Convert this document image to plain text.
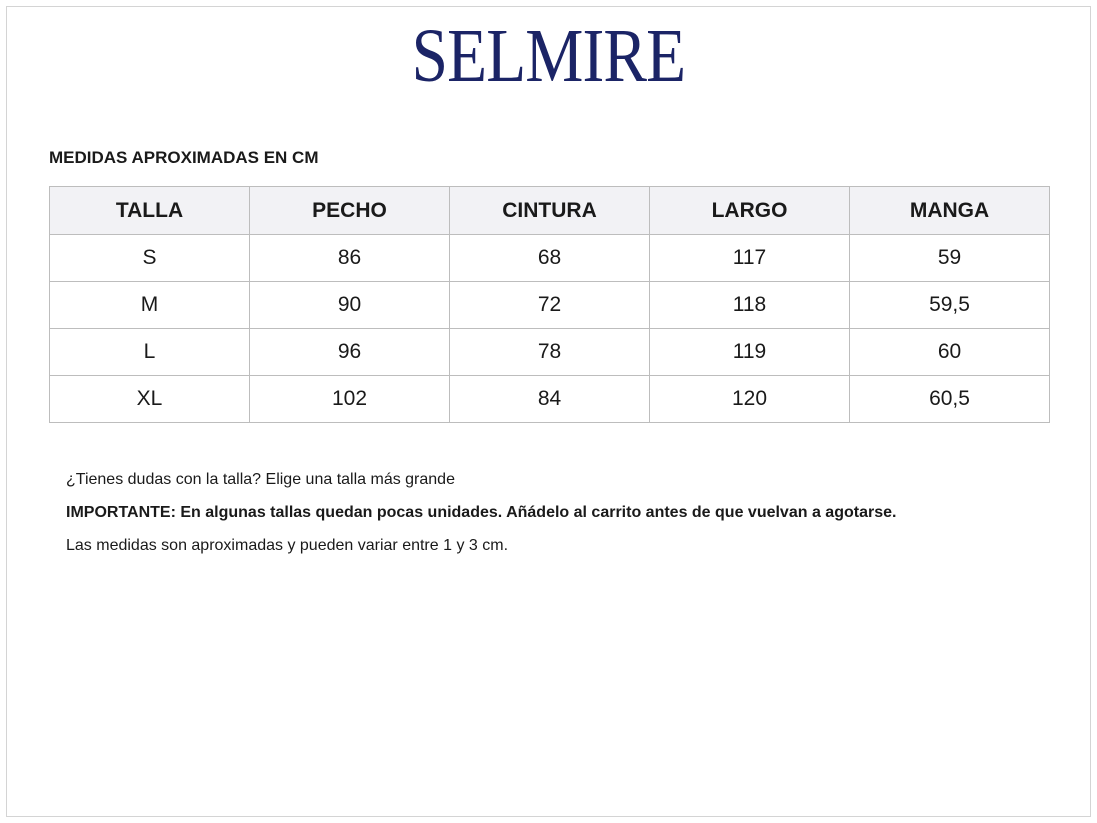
SELMIRE
MEDIDAS APROXIMADAS EN CM
TALLA	PECHO	CINTURA	LARGO	MANGA
S	86	68	117	59
M	90	72	118	59,5
L	96	78	119	60
XL	102	84	120	60,5

¿Tienes dudas con la talla? Elige una talla más grande

IMPORTANTE: En algunas tallas quedan pocas unidades. Añádelo al carrito antes de que vuelvan a agotarse.

Las medidas son aproximadas y pueden variar entre 1 y 3 cm.
